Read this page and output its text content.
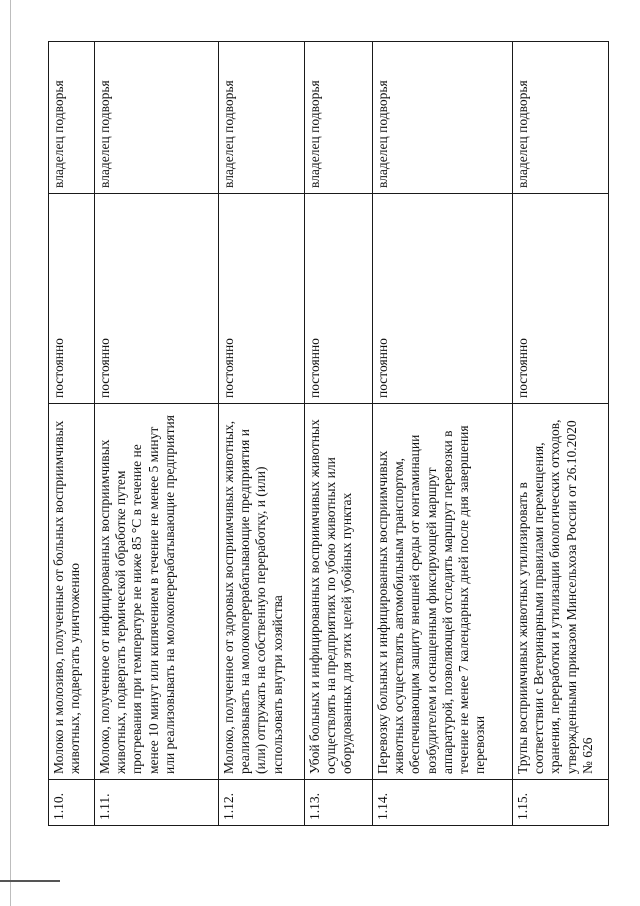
1.10.	Молоко и молозиво, полученные от больных восприимчивых животных, подвергать уничтожению	постоянно	владелец подворья
1.11.	Молоко, полученное от инфицированных восприимчивых животных, подвергать термической обработке путем прогревания при температуре не ниже 85 °С в течение не менее 10 минут или кипячением в течение не менее 5 минут или реализовывать на молокоперерабатывающие предприятия	постоянно	владелец подворья
1.12.	Молоко, полученное от здоровых восприимчивых животных, реализовывать на молокоперерабатывающие предприятия и (или) отгружать на собственную переработку, и (или) использовать внутри хозяйства	постоянно	владелец подворья
1.13.	Убой больных и инфицированных восприимчивых животных осуществлять на предприятиях по убою животных или оборудованных для этих целей убойных пунктах	постоянно	владелец подворья
1.14.	Перевозку больных и инфицированных восприимчивых животных осуществлять автомобильным транспортом, обеспечивающим защиту внешней среды от контаминации возбудителем и оснащенным фиксирующей маршрут аппаратурой, позволяющей отследить маршрут перевозки в течение не менее 7 календарных дней после дня завершения перевозки	постоянно	владелец подворья
1.15.	Трупы восприимчивых животных утилизировать в соответствии с Ветеринарными правилами перемещения, хранения, переработки и утилизации биологических отходов, утвержденными приказом Минсельхоза России от 26.10.2020 № 626	постоянно	владелец подворья
